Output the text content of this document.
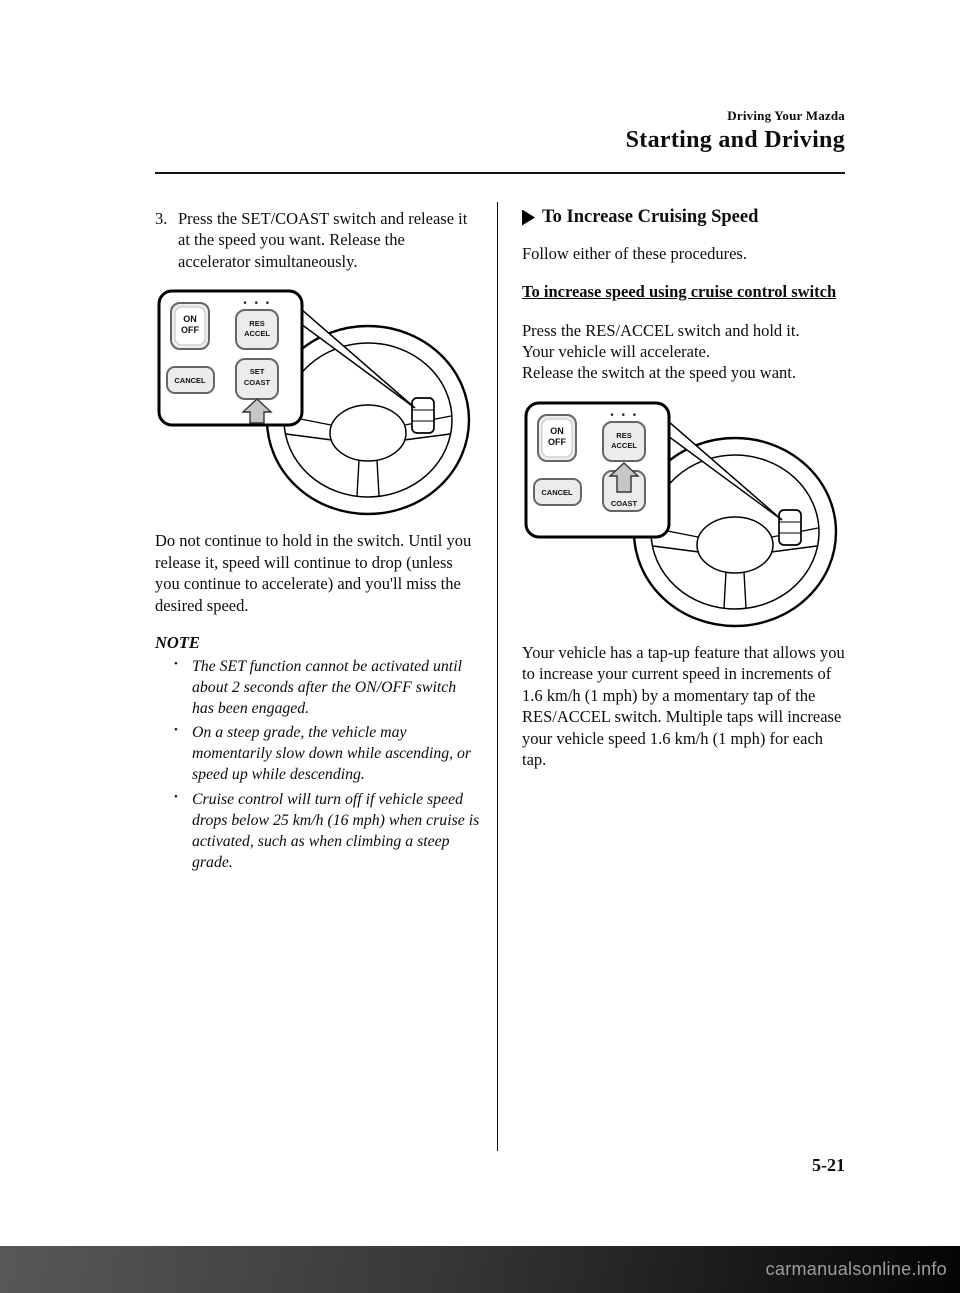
Driving Your Mazda
Starting and Driving
3. Press the SET/COAST switch and release it at the speed you want. Release the accelerator simultaneously.
ON
OFF
• • •
RES
ACCEL
CANCEL
SET
COAST

Do not continue to hold in the switch. Until you release it, speed will continue to drop (unless you continue to accelerate) and you'll miss the desired speed.

NOTE
• The SET function cannot be activated until about 2 seconds after the ON/OFF switch has been engaged.
• On a steep grade, the vehicle may momentarily slow down while ascending, or speed up while descending.
• Cruise control will turn off if vehicle speed drops below 25 km/h (16 mph) when cruise is activated, such as when climbing a steep grade.
To Increase Cruising Speed

Follow either of these procedures.

To increase speed using cruise control switch
Press the RES/ACCEL switch and hold it.
Your vehicle will accelerate.
Release the switch at the speed you want.
ON
OFF
• • •
RES
ACCEL
CANCEL
COAST

Your vehicle has a tap-up feature that allows you to increase your current speed in increments of 1.6 km/h (1 mph) by a momentary tap of the RES/ACCEL switch. Multiple taps will increase your vehicle speed 1.6 km/h (1 mph) for each tap.

5-21
carmanualsonline.info
